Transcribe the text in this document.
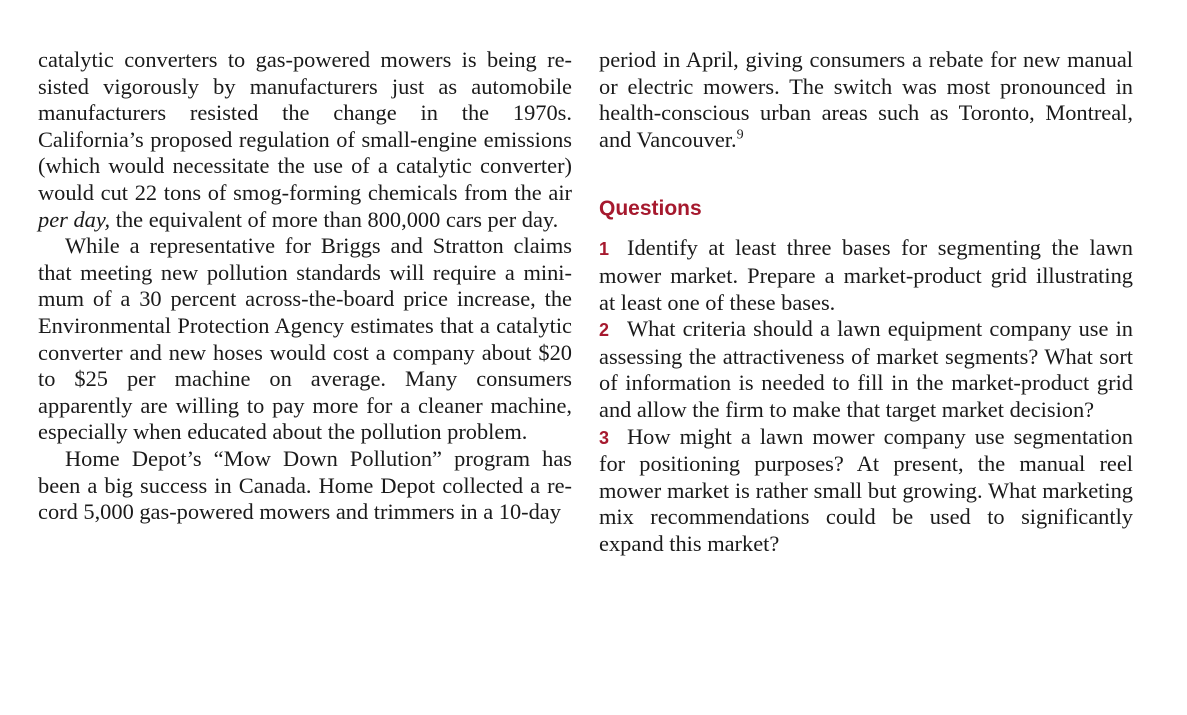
catalytic converters to gas-powered mowers is being resisted vigorously by manufacturers just as automobile manufacturers resisted the change in the 1970s. California’s proposed regulation of small-engine emissions (which would necessitate the use of a catalytic converter) would cut 22 tons of smog-forming chemicals from the air per day, the equivalent of more than 800,000 cars per day.

While a representative for Briggs and Stratton claims that meeting new pollution standards will require a minimum of a 30 percent across-the-board price increase, the Environmental Protection Agency estimates that a catalytic converter and new hoses would cost a company about $20 to $25 per machine on average. Many consumers apparently are willing to pay more for a cleaner machine, especially when educated about the pollution problem.

Home Depot’s “Mow Down Pollution” program has been a big success in Canada. Home Depot collected a record 5,000 gas-powered mowers and trimmers in a 10-day

period in April, giving consumers a rebate for new manual or electric mowers. The switch was most pronounced in health-conscious urban areas such as Toronto, Montreal, and Vancouver.$^9$

Questions

1 Identify at least three bases for segmenting the lawn mower market. Prepare a market-product grid illustrating at least one of these bases.

2 What criteria should a lawn equipment company use in assessing the attractiveness of market segments? What sort of information is needed to fill in the market-product grid and allow the firm to make that target market decision?

3 How might a lawn mower company use segmentation for positioning purposes? At present, the manual reel mower market is rather small but growing. What marketing mix recommendations could be used to significantly expand this market?
